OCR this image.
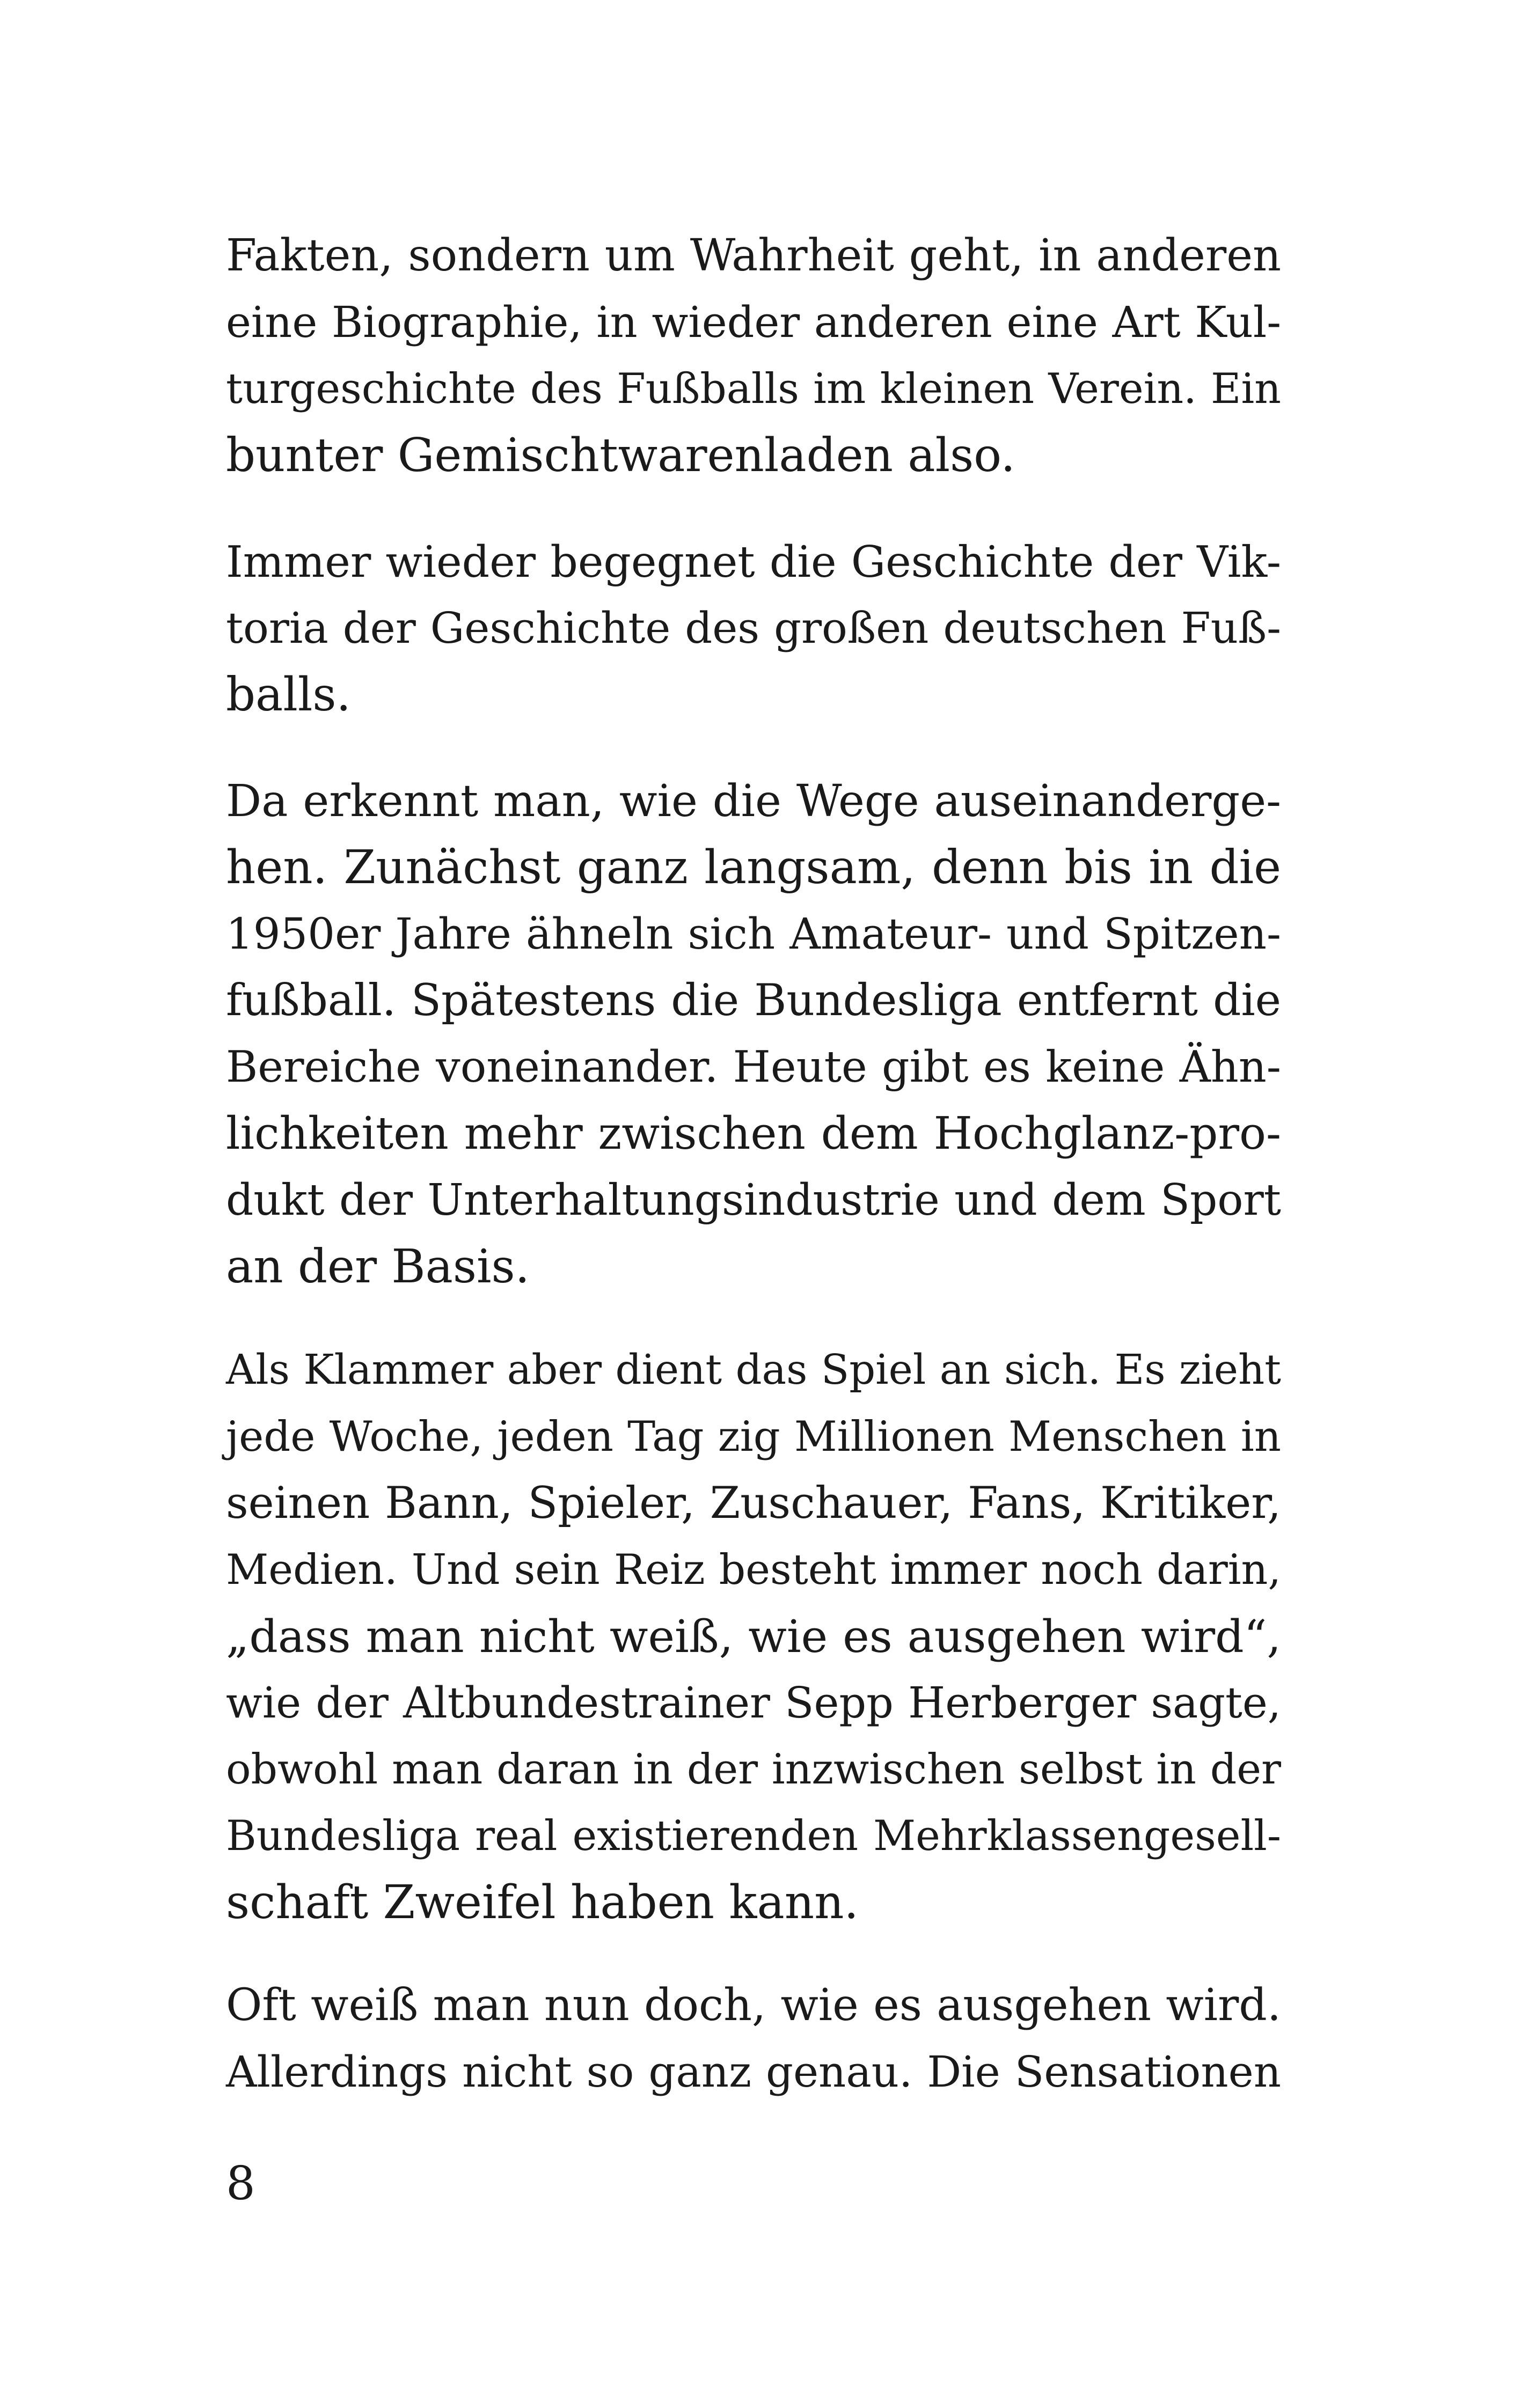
Fakten, sondern um Wahrheit geht, in anderen
eine Biographie, in wieder anderen eine Art Kul-
turgeschichte des Fußballs im kleinen Verein. Ein
bunter Gemischtwarenladen also.
Immer wieder begegnet die Geschichte der Vik-
toria der Geschichte des großen deutschen Fuß-
balls.
Da erkennt man, wie die Wege auseinanderge-
hen. Zunächst ganz langsam, denn bis in die
1950er Jahre ähneln sich Amateur- und Spitzen-
fußball. Spätestens die Bundesliga entfernt die
Bereiche voneinander. Heute gibt es keine Ähn-
lichkeiten mehr zwischen dem Hochglanz-pro-
dukt der Unterhaltungsindustrie und dem Sport
an der Basis.
Als Klammer aber dient das Spiel an sich. Es zieht
jede Woche, jeden Tag zig Millionen Menschen in
seinen Bann, Spieler, Zuschauer, Fans, Kritiker,
Medien. Und sein Reiz besteht immer noch darin,
„dass man nicht weiß, wie es ausgehen wird“,
wie der Altbundestrainer Sepp Herberger sagte,
obwohl man daran in der inzwischen selbst in der
Bundesliga real existierenden Mehrklassengesell-
schaft Zweifel haben kann.
Oft weiß man nun doch, wie es ausgehen wird.
Allerdings nicht so ganz genau. Die Sensationen
8
